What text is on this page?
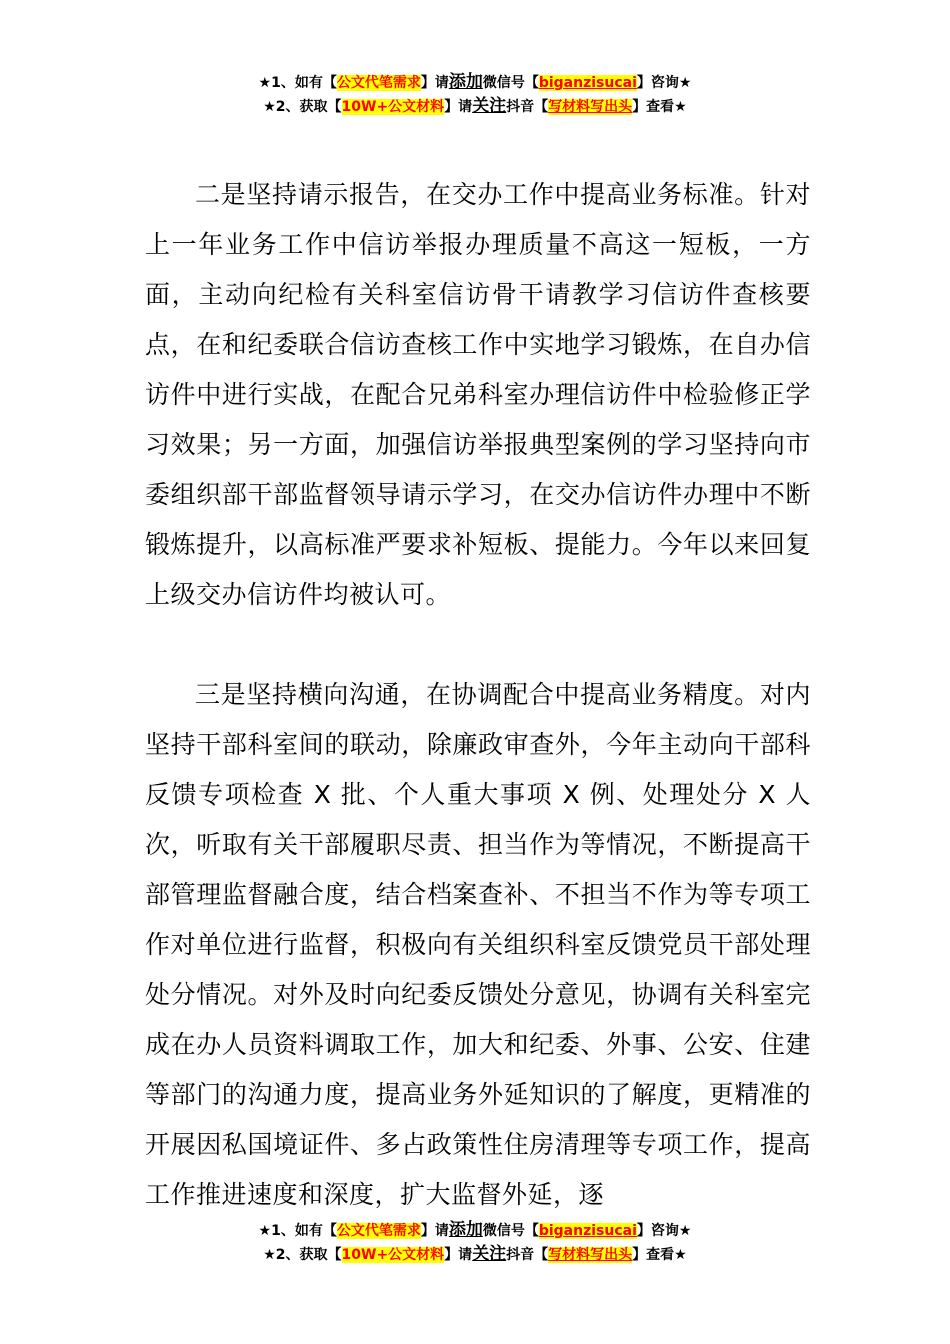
★1、如有【公文代笔需求】请添加微信号【biganzisucai】咨询★
★2、获取【10W+公文材料】请关注抖音【写材料写出头】查看★

二是坚持请示报告，在交办工作中提高业务标准。针对上一年业务工作中信访举报办理质量不高这一短板，一方面，主动向纪检有关科室信访骨干请教学习信访件查核要点，在和纪委联合信访查核工作中实地学习锻炼，在自办信访件中进行实战，在配合兄弟科室办理信访件中检验修正学习效果；另一方面，加强信访举报典型案例的学习坚持向市委组织部干部监督领导请示学习，在交办信访件办理中不断锻炼提升，以高标准严要求补短板、提能力。今年以来回复上级交办信访件均被认可。

三是坚持横向沟通，在协调配合中提高业务精度。对内坚持干部科室间的联动，除廉政审查外，今年主动向干部科反馈专项检查 X 批、个人重大事项 X 例、处理处分 X 人次，听取有关干部履职尽责、担当作为等情况，不断提高干部管理监督融合度，结合档案查补、不担当不作为等专项工作对单位进行监督，积极向有关组织科室反馈党员干部处理处分情况。对外及时向纪委反馈处分意见，协调有关科室完成在办人员资料调取工作，加大和纪委、外事、公安、住建等部门的沟通力度，提高业务外延知识的了解度，更精准的开展因私国境证件、多占政策性住房清理等专项工作，提高工作推进速度和深度，扩大监督外延，逐

★1、如有【公文代笔需求】请添加微信号【biganzisucai】咨询★
★2、获取【10W+公文材料】请关注抖音【写材料写出头】查看★
